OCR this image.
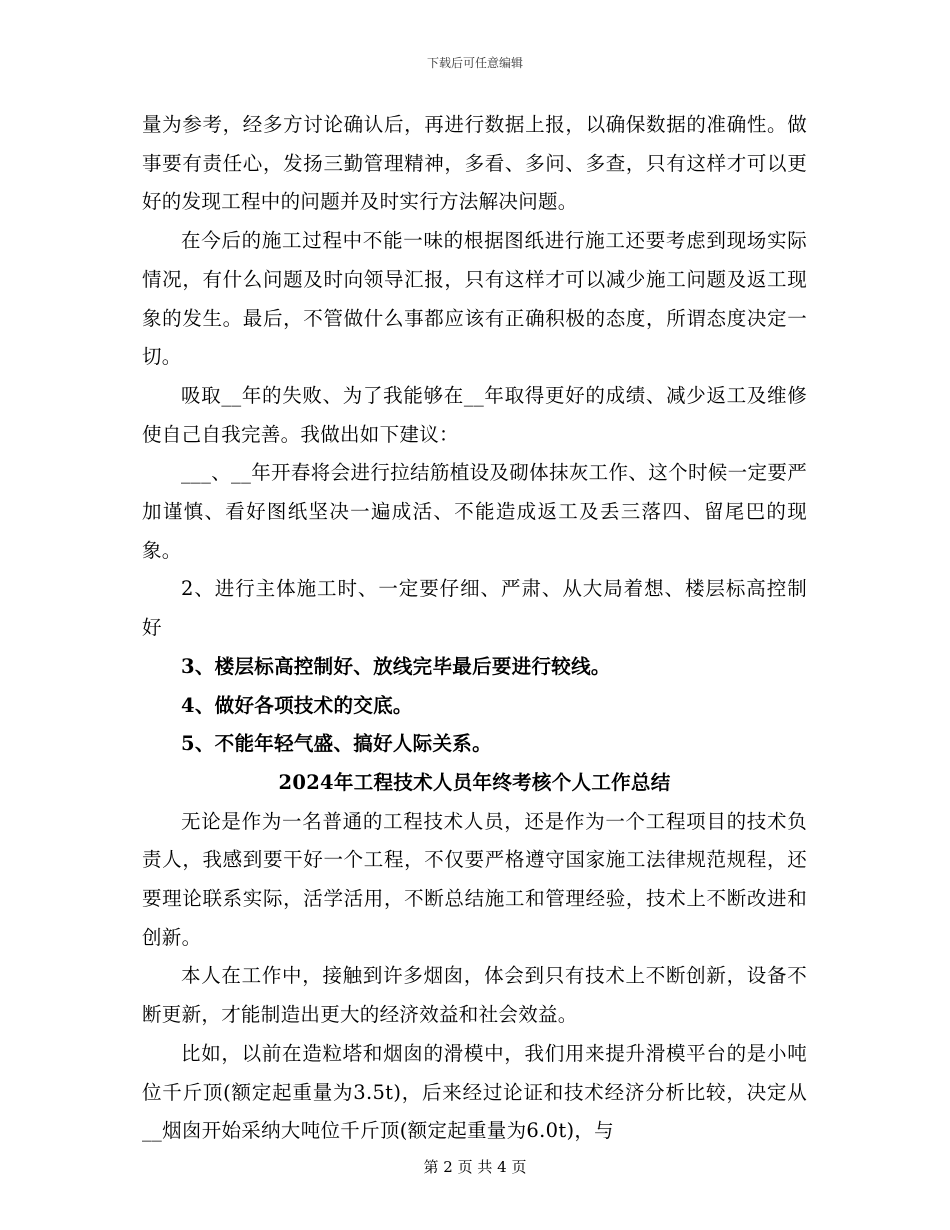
下载后可任意编辑

量为参考，经多方讨论确认后，再进行数据上报，以确保数据的准确性。做事要有责任心，发扬三勤管理精神，多看、多问、多查，只有这样才可以更好的发现工程中的问题并及时实行方法解决问题。

在今后的施工过程中不能一味的根据图纸进行施工还要考虑到现场实际情况，有什么问题及时向领导汇报，只有这样才可以减少施工问题及返工现象的发生。最后，不管做什么事都应该有正确积极的态度，所谓态度决定一切。

吸取__年的失败、为了我能够在__年取得更好的成绩、减少返工及维修使自己自我完善。我做出如下建议：

___、__年开春将会进行拉结筋植设及砌体抹灰工作、这个时候一定要严加谨慎、看好图纸坚决一遍成活、不能造成返工及丢三落四、留尾巴的现象。

2、进行主体施工时、一定要仔细、严肃、从大局着想、楼层标高控制好

3、楼层标高控制好、放线完毕最后要进行较线。

4、做好各项技术的交底。

5、不能年轻气盛、搞好人际关系。

2024年工程技术人员年终考核个人工作总结

无论是作为一名普通的工程技术人员，还是作为一个工程项目的技术负责人，我感到要干好一个工程，不仅要严格遵守国家施工法律规范规程，还要理论联系实际，活学活用，不断总结施工和管理经验，技术上不断改进和创新。

本人在工作中，接触到许多烟囱，体会到只有技术上不断创新，设备不断更新，才能制造出更大的经济效益和社会效益。

比如，以前在造粒塔和烟囱的滑模中，我们用来提升滑模平台的是小吨位千斤顶(额定起重量为3.5t)，后来经过论证和技术经济分析比较，决定从__烟囱开始采纳大吨位千斤顶(额定起重量为6.0t)，与

第 2 页 共 4 页
